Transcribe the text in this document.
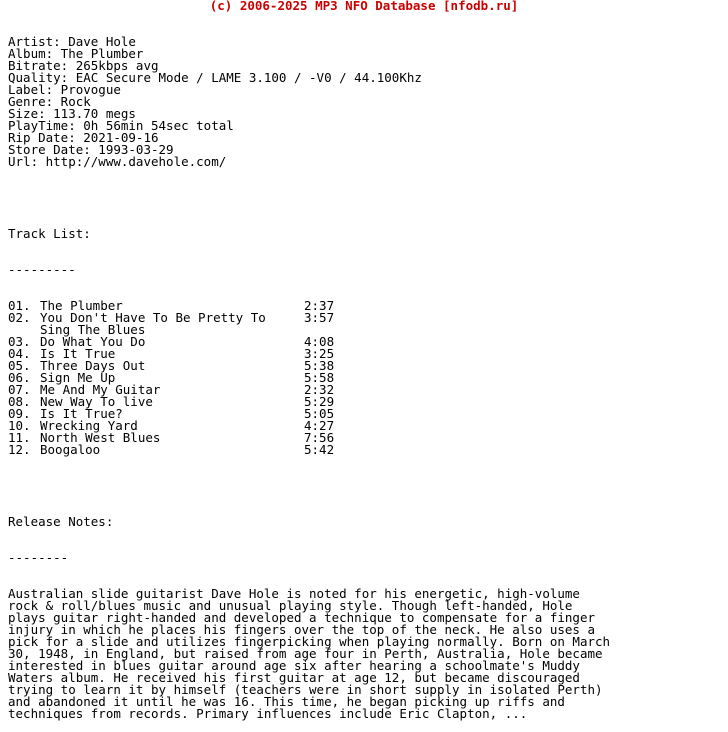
(c) 2006-2025 MP3 NFO Database [nfodb.ru]

Artist: Dave Hole
Album: The Plumber
Bitrate: 265kbps avg
Quality: EAC Secure Mode / LAME 3.100 / -V0 / 44.100Khz
Label: Provogue
Genre: Rock
Size: 113.70 megs
PlayTime: 0h 56min 54sec total
Rip Date: 2021-09-16
Store Date: 1993-03-29
Url: http://www.davehole.com/

Track List:

---------

01. The Plumber	2:37
02. You Don't Have To Be Pretty To	3:57
Sing The Blues
03. Do What You Do	4:08
04. Is It True	3:25
05. Three Days Out	5:38
06. Sign Me Up	5:58
07. Me And My Guitar	2:32
08. New Way To live	5:29
09. Is It True?	5:05
10. Wrecking Yard	4:27
11. North West Blues	7:56
12. Boogaloo	5:42

Release Notes:

--------

Australian slide guitarist Dave Hole is noted for his energetic, high-volume
rock & roll/blues music and unusual playing style. Though left-handed, Hole
plays guitar right-handed and developed a technique to compensate for a finger
injury in which he places his fingers over the top of the neck. He also uses a
pick for a slide and utilizes fingerpicking when playing normally. Born on March
30, 1948, in England, but raised from age four in Perth, Australia, Hole became
interested in blues guitar around age six after hearing a schoolmate's Muddy
Waters album. He received his first guitar at age 12, but became discouraged
trying to learn it by himself (teachers were in short supply in isolated Perth)
and abandoned it until he was 16. This time, he began picking up riffs and
techniques from records. Primary influences include Eric Clapton, ...
